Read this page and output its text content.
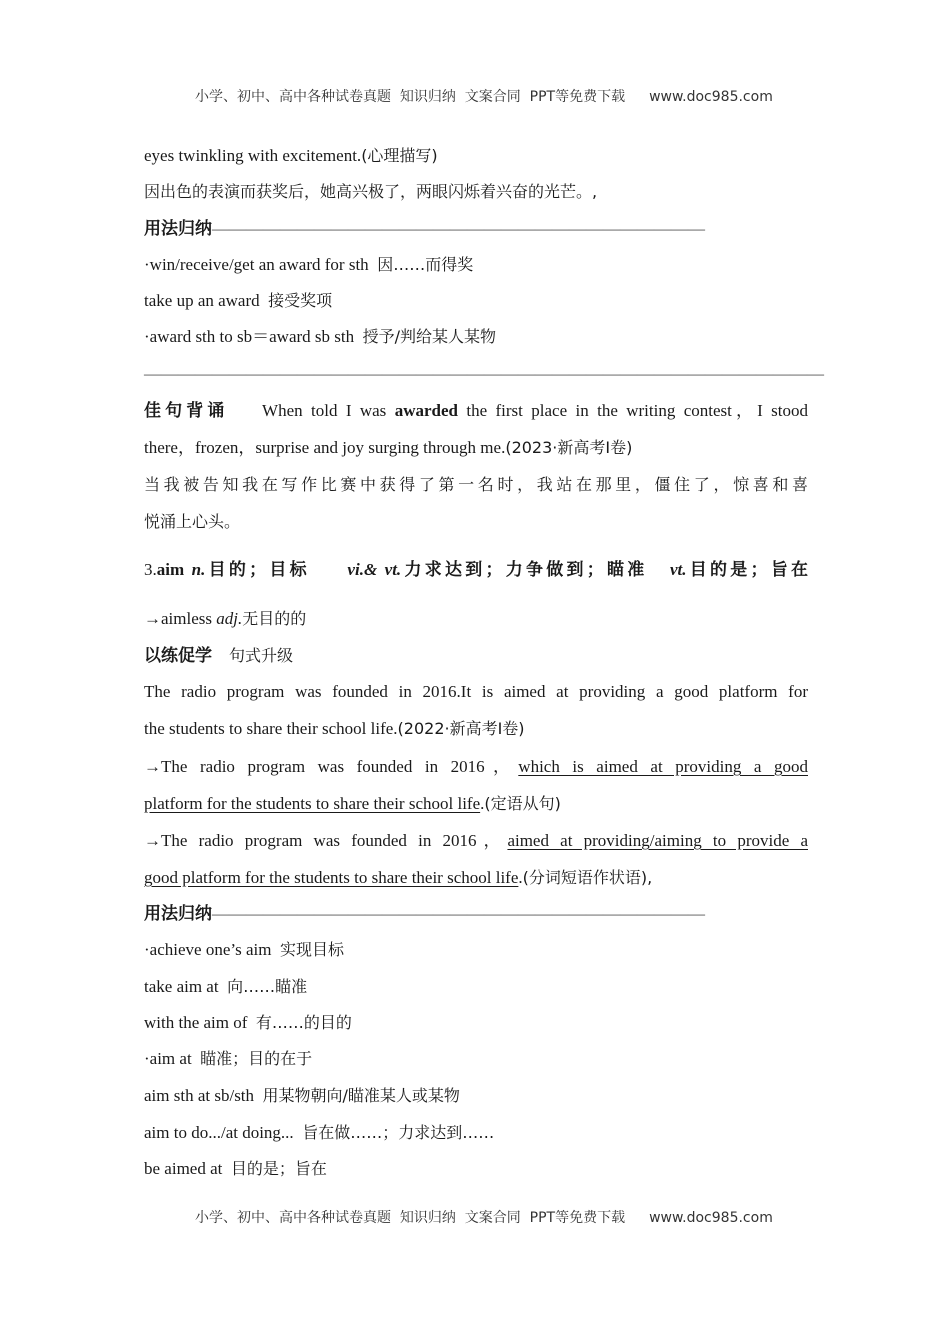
小学、初中、高中各种试卷真题  知识归纳  文案合同  PPT等免费下载 www.doc985.com

eyes twinkling with excitement.(心理描写)
因出色的表演而获奖后，她高兴极了，两眼闪烁着兴奋的光芒。,
用法归纳—————————————————————————————
·win/receive/get an award for sth 因……而得奖
take up an award 接受奖项
·award sth to sb＝award sb sth 授予/判给某人某物
————————————————————————————————————————
佳句背诵 When told I was awarded the first place in the writing contest，I stood
there，frozen，surprise and joy surging through me.(2023·新高考Ⅰ卷)
当我被告知我在写作比赛中获得了第一名时，我站在那里，僵住了，惊喜和喜
悦涌上心头。
3.aim n.目的；目标 vi.& vt.力求达到；力争做到；瞄准 vt.目的是；旨在
→aimless adj.无目的的
以练促学 句式升级
The radio program was founded in 2016.It is aimed at providing a good platform for
the students to share their school life.(2022·新高考Ⅰ卷)
→The radio program was founded in 2016，which is aimed at providing a good
platform for the students to share their school life.(定语从句)
→The radio program was founded in 2016，aimed at providing/aiming to provide a
good platform for the students to share their school life.(分词短语作状语),
用法归纳—————————————————————————————
·achieve one’s aim 实现目标
take aim at 向……瞄准
with the aim of 有……的目的
·aim at 瞄准；目的在于
aim sth at sb/sth 用某物朝向/瞄准某人或某物
aim to do.../at doing... 旨在做……；力求达到……
be aimed at 目的是；旨在

小学、初中、高中各种试卷真题  知识归纳  文案合同  PPT等免费下载 www.doc985.com
